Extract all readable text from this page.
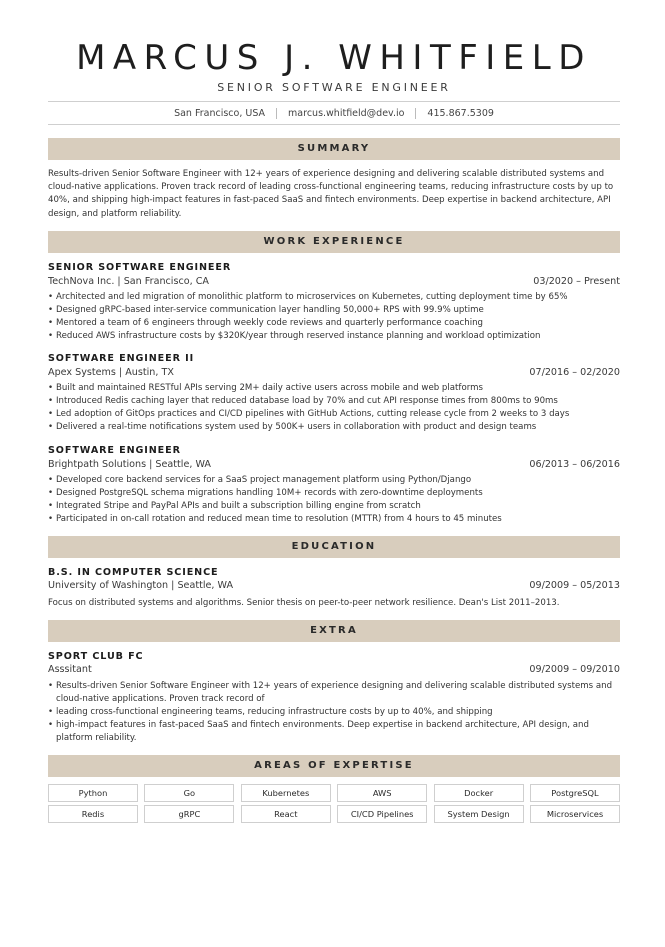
MARCUS J. WHITFIELD
SENIOR SOFTWARE ENGINEER
San Francisco, USA marcus.whitfield@dev.io 415.867.5309
SUMMARY
Results-driven Senior Software Engineer with 12+ years of experience designing and delivering scalable distributed systems and cloud-native applications. Proven track record of leading cross-functional engineering teams, reducing infrastructure costs by up to 40%, and shipping high-impact features in fast-paced SaaS and fintech environments. Deep expertise in backend architecture, API design, and platform reliability.
WORK EXPERIENCE
SENIOR SOFTWARE ENGINEER
TechNova Inc. | San Francisco, CA	03/2020 – Present
• Architected and led migration of monolithic platform to microservices on Kubernetes, cutting deployment time by 65%
• Designed gRPC-based inter-service communication layer handling 50,000+ RPS with 99.9% uptime
• Mentored a team of 6 engineers through weekly code reviews and quarterly performance coaching
• Reduced AWS infrastructure costs by $320K/year through reserved instance planning and workload optimization
SOFTWARE ENGINEER II
Apex Systems | Austin, TX	07/2016 – 02/2020
• Built and maintained RESTful APIs serving 2M+ daily active users across mobile and web platforms
• Introduced Redis caching layer that reduced database load by 70% and cut API response times from 800ms to 90ms
• Led adoption of GitOps practices and CI/CD pipelines with GitHub Actions, cutting release cycle from 2 weeks to 3 days
• Delivered a real-time notifications system used by 500K+ users in collaboration with product and design teams
SOFTWARE ENGINEER
Brightpath Solutions | Seattle, WA	06/2013 – 06/2016
• Developed core backend services for a SaaS project management platform using Python/Django
• Designed PostgreSQL schema migrations handling 10M+ records with zero-downtime deployments
• Integrated Stripe and PayPal APIs and built a subscription billing engine from scratch
• Participated in on-call rotation and reduced mean time to resolution (MTTR) from 4 hours to 45 minutes
EDUCATION
B.S. IN COMPUTER SCIENCE
University of Washington | Seattle, WA	09/2009 – 05/2013
Focus on distributed systems and algorithms. Senior thesis on peer-to-peer network resilience. Dean's List 2011–2013.
EXTRA
SPORT CLUB FC
Asssitant	09/2009 – 09/2010
• Results-driven Senior Software Engineer with 12+ years of experience designing and delivering scalable distributed systems and cloud-native applications. Proven track record of
• leading cross-functional engineering teams, reducing infrastructure costs by up to 40%, and shipping
• high-impact features in fast-paced SaaS and fintech environments. Deep expertise in backend architecture, API design, and platform reliability.
AREAS OF EXPERTISE
Python	Go	Kubernetes	AWS	Docker	PostgreSQL
Redis	gRPC	React	CI/CD Pipelines	System Design	Microservices
